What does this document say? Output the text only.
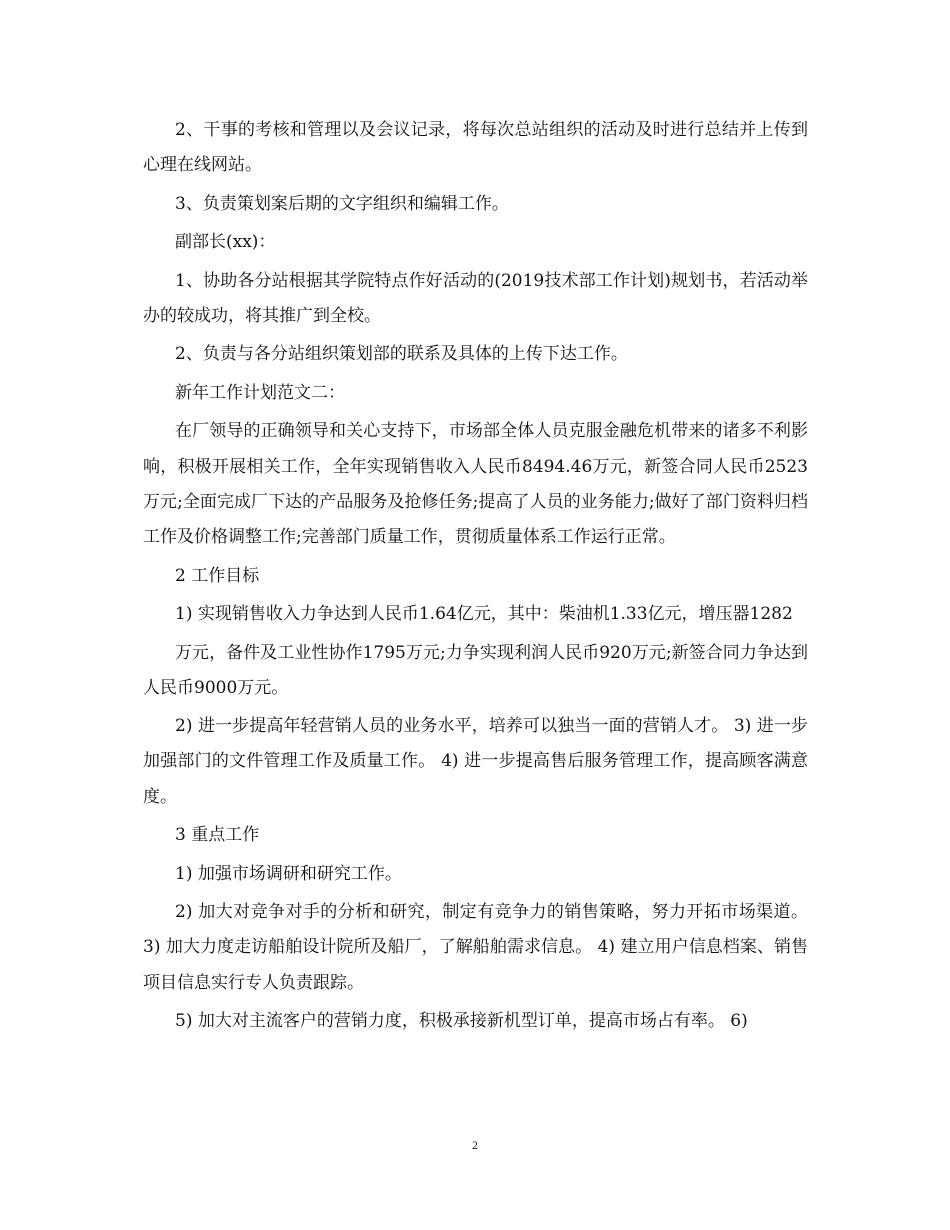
2、干事的考核和管理以及会议记录，将每次总站组织的活动及时进行总结并上传到心理在线网站。

3、负责策划案后期的文字组织和编辑工作。

副部长(xx)：

1、协助各分站根据其学院特点作好活动的(2019技术部工作计划)规划书，若活动举办的较成功，将其推广到全校。

2、负责与各分站组织策划部的联系及具体的上传下达工作。

新年工作计划范文二：

在厂领导的正确领导和关心支持下，市场部全体人员克服金融危机带来的诸多不利影响，积极开展相关工作，全年实现销售收入人民币8494.46万元，新签合同人民币2523万元;全面完成厂下达的产品服务及抢修任务;提高了人员的业务能力;做好了部门资料归档工作及价格调整工作;完善部门质量工作，贯彻质量体系工作运行正常。

2 工作目标

1) 实现销售收入力争达到人民币1.64亿元，其中：柴油机1.33亿元，增压器1282

万元，备件及工业性协作1795万元;力争实现利润人民币920万元;新签合同力争达到人民币9000万元。

2) 进一步提高年轻营销人员的业务水平，培养可以独当一面的营销人才。 3) 进一步加强部门的文件管理工作及质量工作。 4) 进一步提高售后服务管理工作，提高顾客满意度。

3 重点工作

1) 加强市场调研和研究工作。

2) 加大对竞争对手的分析和研究，制定有竞争力的销售策略，努力开拓市场渠道。 3) 加大力度走访船舶设计院所及船厂，了解船舶需求信息。 4) 建立用户信息档案、销售项目信息实行专人负责跟踪。

5) 加大对主流客户的营销力度，积极承接新机型订单，提高市场占有率。 6)

2
